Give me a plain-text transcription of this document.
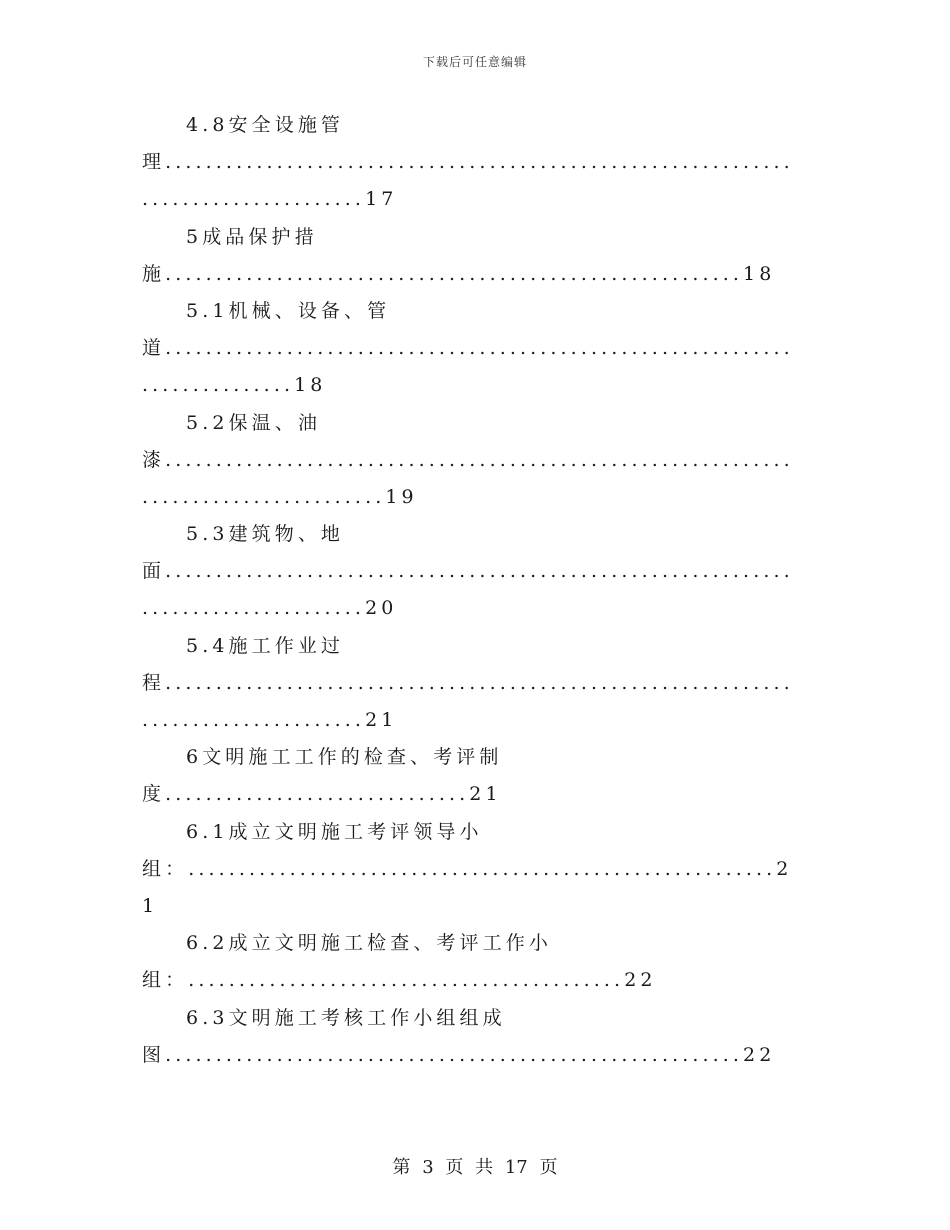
下载后可任意编辑
4.8安全设施管
理..............................................................
......................17
5成品保护措
施.........................................................18
5.1机械、设备、管
道..............................................................
...............18
5.2保温、油
漆..............................................................
........................19
5.3建筑物、地
面..............................................................
......................20
5.4施工作业过
程..............................................................
......................21
6文明施工工作的检查、考评制
度..............................21
6.1成立文明施工考评领导小
组：..........................................................2
1
6.2成立文明施工检查、考评工作小
组：...........................................22
6.3文明施工考核工作小组组成
图.........................................................22
第 3 页 共 17 页
